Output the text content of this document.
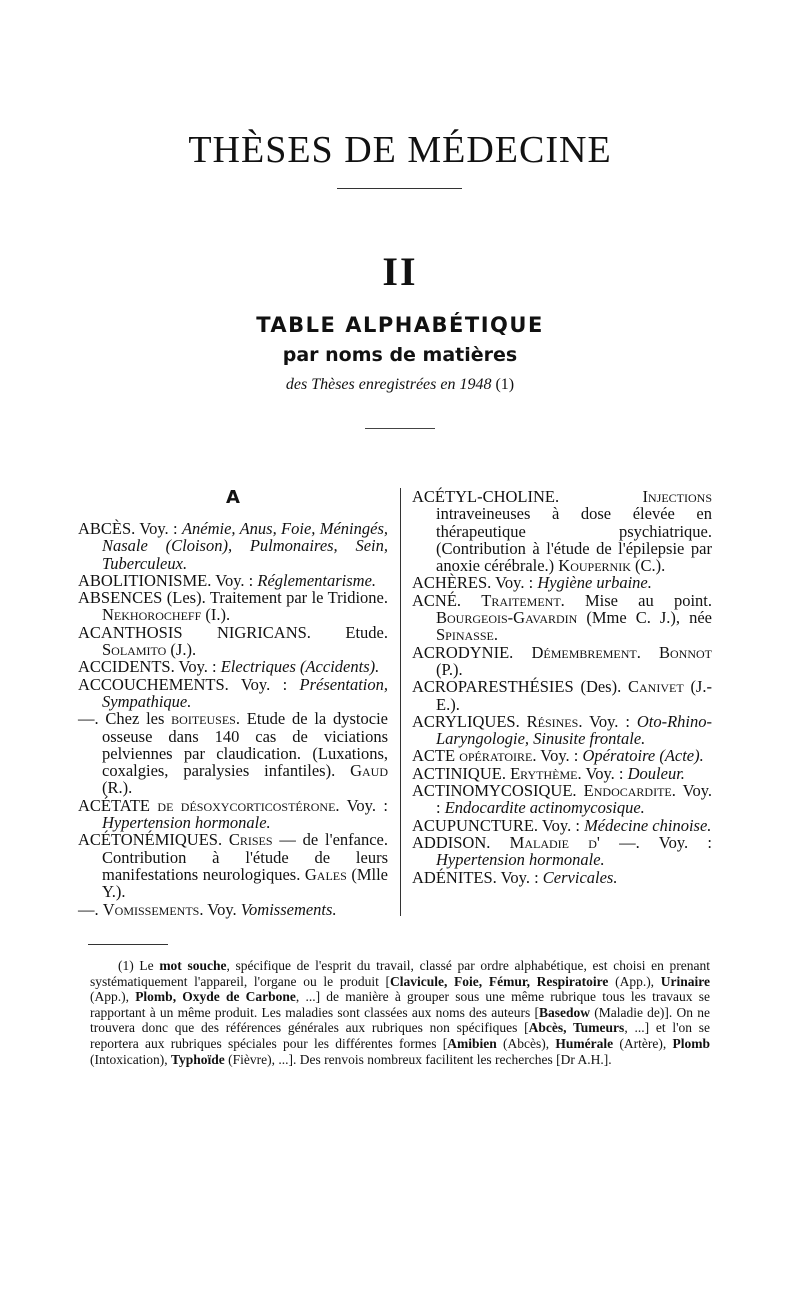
THÈSES DE MÉDECINE
II
TABLE ALPHABÉTIQUE
par noms de matières
des Thèses enregistrées en 1948 (1)
A

ABCÈS. Voy. : Anémie, Anus, Foie, Méningés, Nasale (Cloison), Pulmonaires, Sein, Tuberculeux.

ABOLITIONISME. Voy. : Réglementarisme.

ABSENCES (Les). Traitement par le Tridione. Nekhorocheff (I.).

ACANTHOSIS NIGRICANS. Etude. Solamito (J.).

ACCIDENTS. Voy. : Electriques (Accidents).

ACCOUCHEMENTS. Voy. : Présentation, Sympathique.

—. Chez les boiteuses. Etude de la dystocie osseuse dans 140 cas de viciations pelviennes par claudication. (Luxations, coxalgies, paralysies infantiles). Gaud (R.).

ACÉTATE de désoxycorticostérone. Voy. : Hypertension hormonale.

ACÉTONÉMIQUES. Crises — de l'enfance. Contribution à l'étude de leurs manifestations neurologiques. Gales (Mlle Y.).

—. Vomissements. Voy. Vomissements.

ACÉTYL-CHOLINE. Injections intraveineuses à dose élevée en thérapeutique psychiatrique. (Contribution à l'étude de l'épilepsie par anoxie cérébrale.) Koupernik (C.).

ACHÈRES. Voy. : Hygiène urbaine.

ACNÉ. Traitement. Mise au point. Bourgeois-Gavardin (Mme C. J.), née Spinasse.

ACRODYNIE. Démembrement. Bonnot (P.).

ACROPARESTHÉSIES (Des). Canivet (J.-E.).

ACRYLIQUES. Résines. Voy. : Oto-Rhino-Laryngologie, Sinusite frontale.

ACTE opératoire. Voy. : Opératoire (Acte).

ACTINIQUE. Erythème. Voy. : Douleur.

ACTINOMYCOSIQUE. Endocardite. Voy. : Endocardite actinomycosique.

ACUPUNCTURE. Voy. : Médecine chinoise.

ADDISON. Maladie d' —. Voy. : Hypertension hormonale.

ADÉNITES. Voy. : Cervicales.

(1) Le mot souche, spécifique de l'esprit du travail, classé par ordre alphabétique, est choisi en prenant systématiquement l'appareil, l'organe ou le produit [Clavicule, Foie, Fémur, Respiratoire (App.), Urinaire (App.), Plomb, Oxyde de Carbone, ...] de manière à grouper sous une même rubrique tous les travaux se rapportant à un même produit. Les maladies sont classées aux noms des auteurs [Basedow (Maladie de)]. On ne trouvera donc que des références générales aux rubriques non spécifiques [Abcès, Tumeurs, ...] et l'on se reportera aux rubriques spéciales pour les différentes formes [Amibien (Abcès), Humérale (Artère), Plomb (Intoxication), Typhoïde (Fièvre), ...]. Des renvois nombreux facilitent les recherches [Dr A.H.].
